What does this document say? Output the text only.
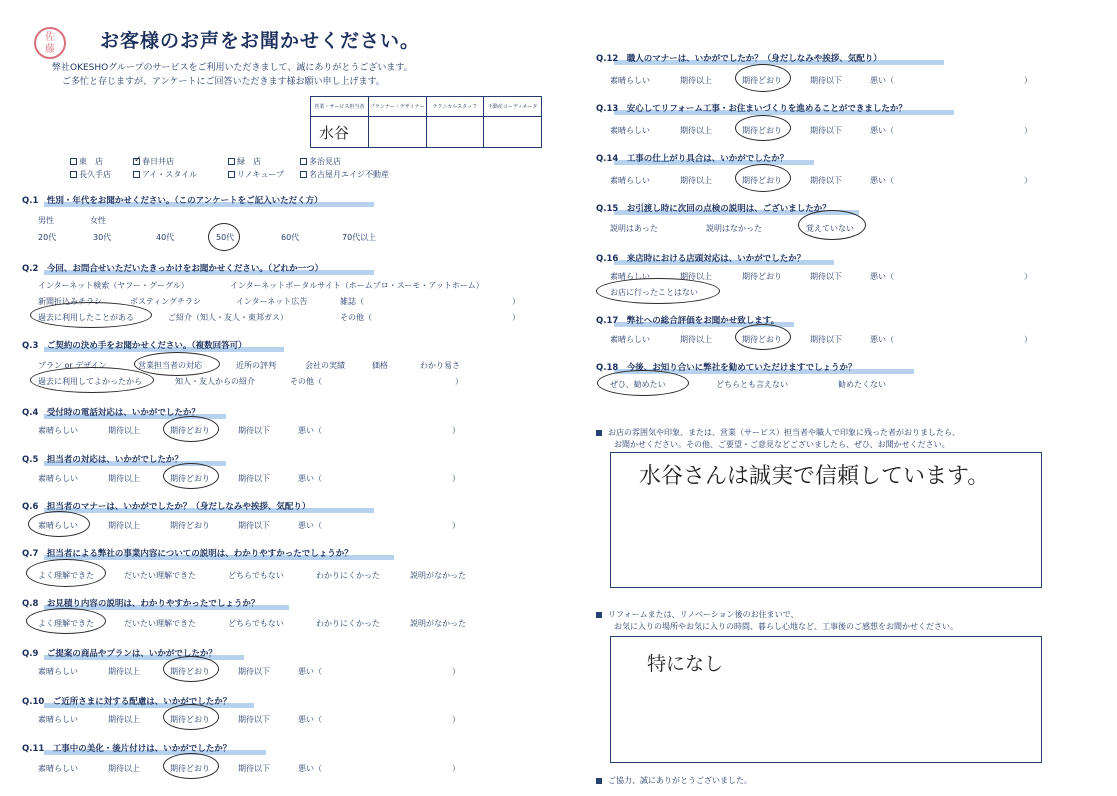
佐藤 お客様のお声をお聞かせください。
弊社OKESHOグループのサービスをご利用いただきまして、誠にありがとうございます。
ご多忙と存じますが、アンケートにご回答いただきます様お願い申し上げます。
営業・サービス担当者	プランナー・デザイナー	テクニカルスタッフ	不動産コーディネータ
水谷
東　店	✓ 春日井店	緑　店	多治見店
長久手店	アイ・スタイル	リノキューブ	名古屋月エイジ不動産
Q.1　性別・年代をお聞かせください。（このアンケートをご記入いただく方）
男性	女性
20代	30代	40代	50代	60代	70代以上
Q.2　今回、お問合せいただいたきっかけをお聞かせください。（どれか一つ）
インターネット検索（ヤフー・グーグル）	インターネットポータルサイト（ホームプロ・スーモ・アットホーム）
新聞折込みチラシ	ポスティングチラシ	インターネット広告	雑誌（	）
過去に利用したことがある	ご紹介（知人・友人・東邦ガス）	その他（	）
Q.3　ご契約の決め手をお聞かせください。（複数回答可）
プラン or デザイン	営業担当者の対応	近所の評判	会社の実績	価格	わかり易さ
過去に利用してよかったから	知人・友人からの紹介	その他（	）
Q.4　受付時の電話対応は、いかがでしたか？
素晴らしい	期待以上	期待どおり	期待以下	悪い（	）
Q.5　担当者の対応は、いかがでしたか？
素晴らしい	期待以上	期待どおり	期待以下	悪い（	）
Q.6　担当者のマナーは、いかがでしたか？（身だしなみや挨拶、気配り）
素晴らしい	期待以上	期待どおり	期待以下	悪い（	）
Q.7　担当者による弊社の事業内容についての説明は、わかりやすかったでしょうか？
よく理解できた	だいたい理解できた	どちらでもない	わかりにくかった	説明がなかった
Q.8　お見積り内容の説明は、わかりやすかったでしょうか？
よく理解できた	だいたい理解できた	どちらでもない	わかりにくかった	説明がなかった
Q.9　ご提案の商品やプランは、いかがでしたか？
素晴らしい	期待以上	期待どおり	期待以下	悪い（	）
Q.10　ご近所さまに対する配慮は、いかがでしたか？
素晴らしい	期待以上	期待どおり	期待以下	悪い（	）
Q.11　工事中の美化・後片付けは、いかがでしたか？
素晴らしい	期待以上	期待どおり	期待以下	悪い（	）
Q.12　職人のマナーは、いかがでしたか？（身だしなみや挨拶、気配り）
素晴らしい	期待以上	期待どおり	期待以下	悪い（	）
Q.13　安心してリフォーム工事・お住まいづくりを進めることができましたか？
素晴らしい	期待以上	期待どおり	期待以下	悪い（	）
Q.14　工事の仕上がり具合は、いかがでしたか？
素晴らしい	期待以上	期待どおり	期待以下	悪い（	）
Q.15　お引渡し時に次回の点検の説明は、ございましたか？
説明はあった	説明はなかった	覚えていない
Q.16　来店時における店頭対応は、いかがでしたか？
素晴らしい	期待以上	期待どおり	期待以下	悪い（	）
お店に行ったことはない
Q.17　弊社への総合評価をお聞かせ致します。
素晴らしい	期待以上	期待どおり	期待以下	悪い（	）
Q.18　今後、お知り合いに弊社を勧めていただけますでしょうか？
ぜひ、勧めたい	どちらとも言えない	勧めたくない
お店の雰囲気や印象、または、営業（サービス）担当者や職人で印象に残った者がおりましたら、
お聞かせください。その他、ご要望・ご意見などございましたら、ぜひ、お聞かせください。
水谷さんは誠実で信頼しています。
リフォームまたは、リノベーション後のお住まいで、
お気に入りの場所やお気に入りの時間、暮らし心地など、工事後のご感想をお聞かせください。
特になし
ご協力、誠にありがとうございました。
